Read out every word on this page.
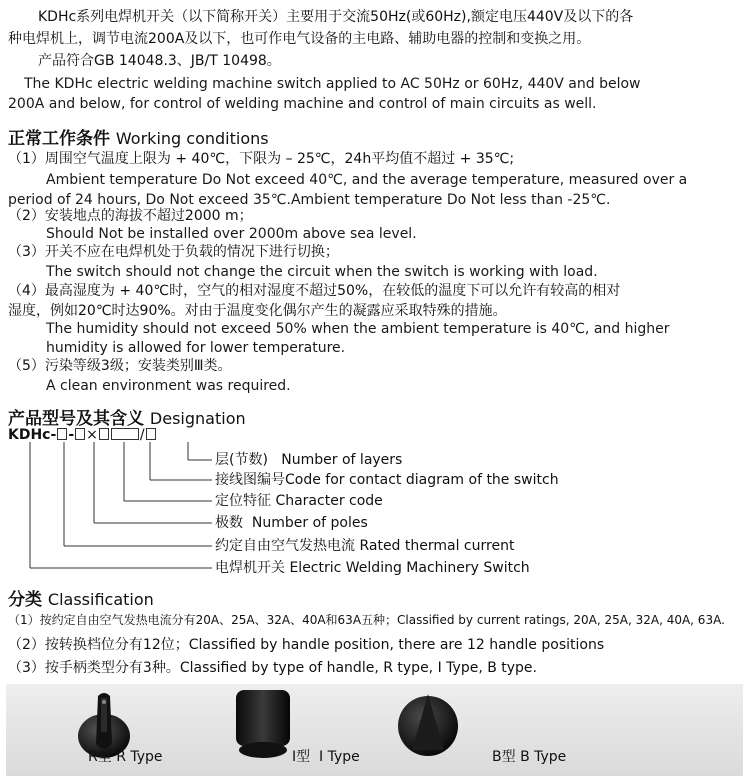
KDHc系列电焊机开关（以下简称开关）主要用于交流50Hz(或60Hz),额定电压440V及以下的各
种电焊机上，调节电流200A及以下，也可作电气设备的主电路、辅助电器的控制和变换之用。
产品符合GB 14048.3、JB/T 10498。
The KDHc electric welding machine switch applied to AC 50Hz or 60Hz, 440V and below
200A and below, for control of welding machine and control of main circuits as well.
正常工作条件 Working conditions
（1）周围空气温度上限为 + 40℃，下限为 – 25℃，24h平均值不超过 + 35℃;
Ambient temperature Do Not exceed 40℃, and the average temperature, measured over a
period of 24 hours, Do Not exceed 35℃.Ambient temperature Do Not less than -25℃.
（2）安装地点的海拔不超过2000 m；
Should Not be installed over 2000m above sea level.
（3）开关不应在电焊机处于负载的情况下进行切换；
The switch should not change the circuit when the switch is working with load.
（4）最高湿度为 + 40℃时，空气的相对湿度不超过50%，在较低的温度下可以允许有较高的相对
湿度，例如20℃时达90%。对由于温度变化偶尔产生的凝露应采取特殊的措施。
The humidity should not exceed 50% when the ambient temperature is 40℃, and higher
humidity is allowed for lower temperature.
（5）污染等级3级；安装类别Ⅲ类。
A clean environment was required.
产品型号及其含义 Designation
KDHc- - ×	/
层(节数) Number of layers
接线图编号Code for contact diagram of the switch
定位特征 Character code
极数 Number of poles
约定自由空气发热电流 Rated thermal current
电焊机开关 Electric Welding Machinery Switch
分类 Classification
（1）按约定自由空气发热电流分有20A、25A、32A、40A和63A五种；Classified by current ratings, 20A, 25A, 32A, 40A, 63A.
（2）按转换档位分有12位；Classified by handle position, there are 12 handle positions
（3）按手柄类型分有3种。Classified by type of handle, R type, I Type, B type.
R型 R Type	I型 I Type	B型 B Type
